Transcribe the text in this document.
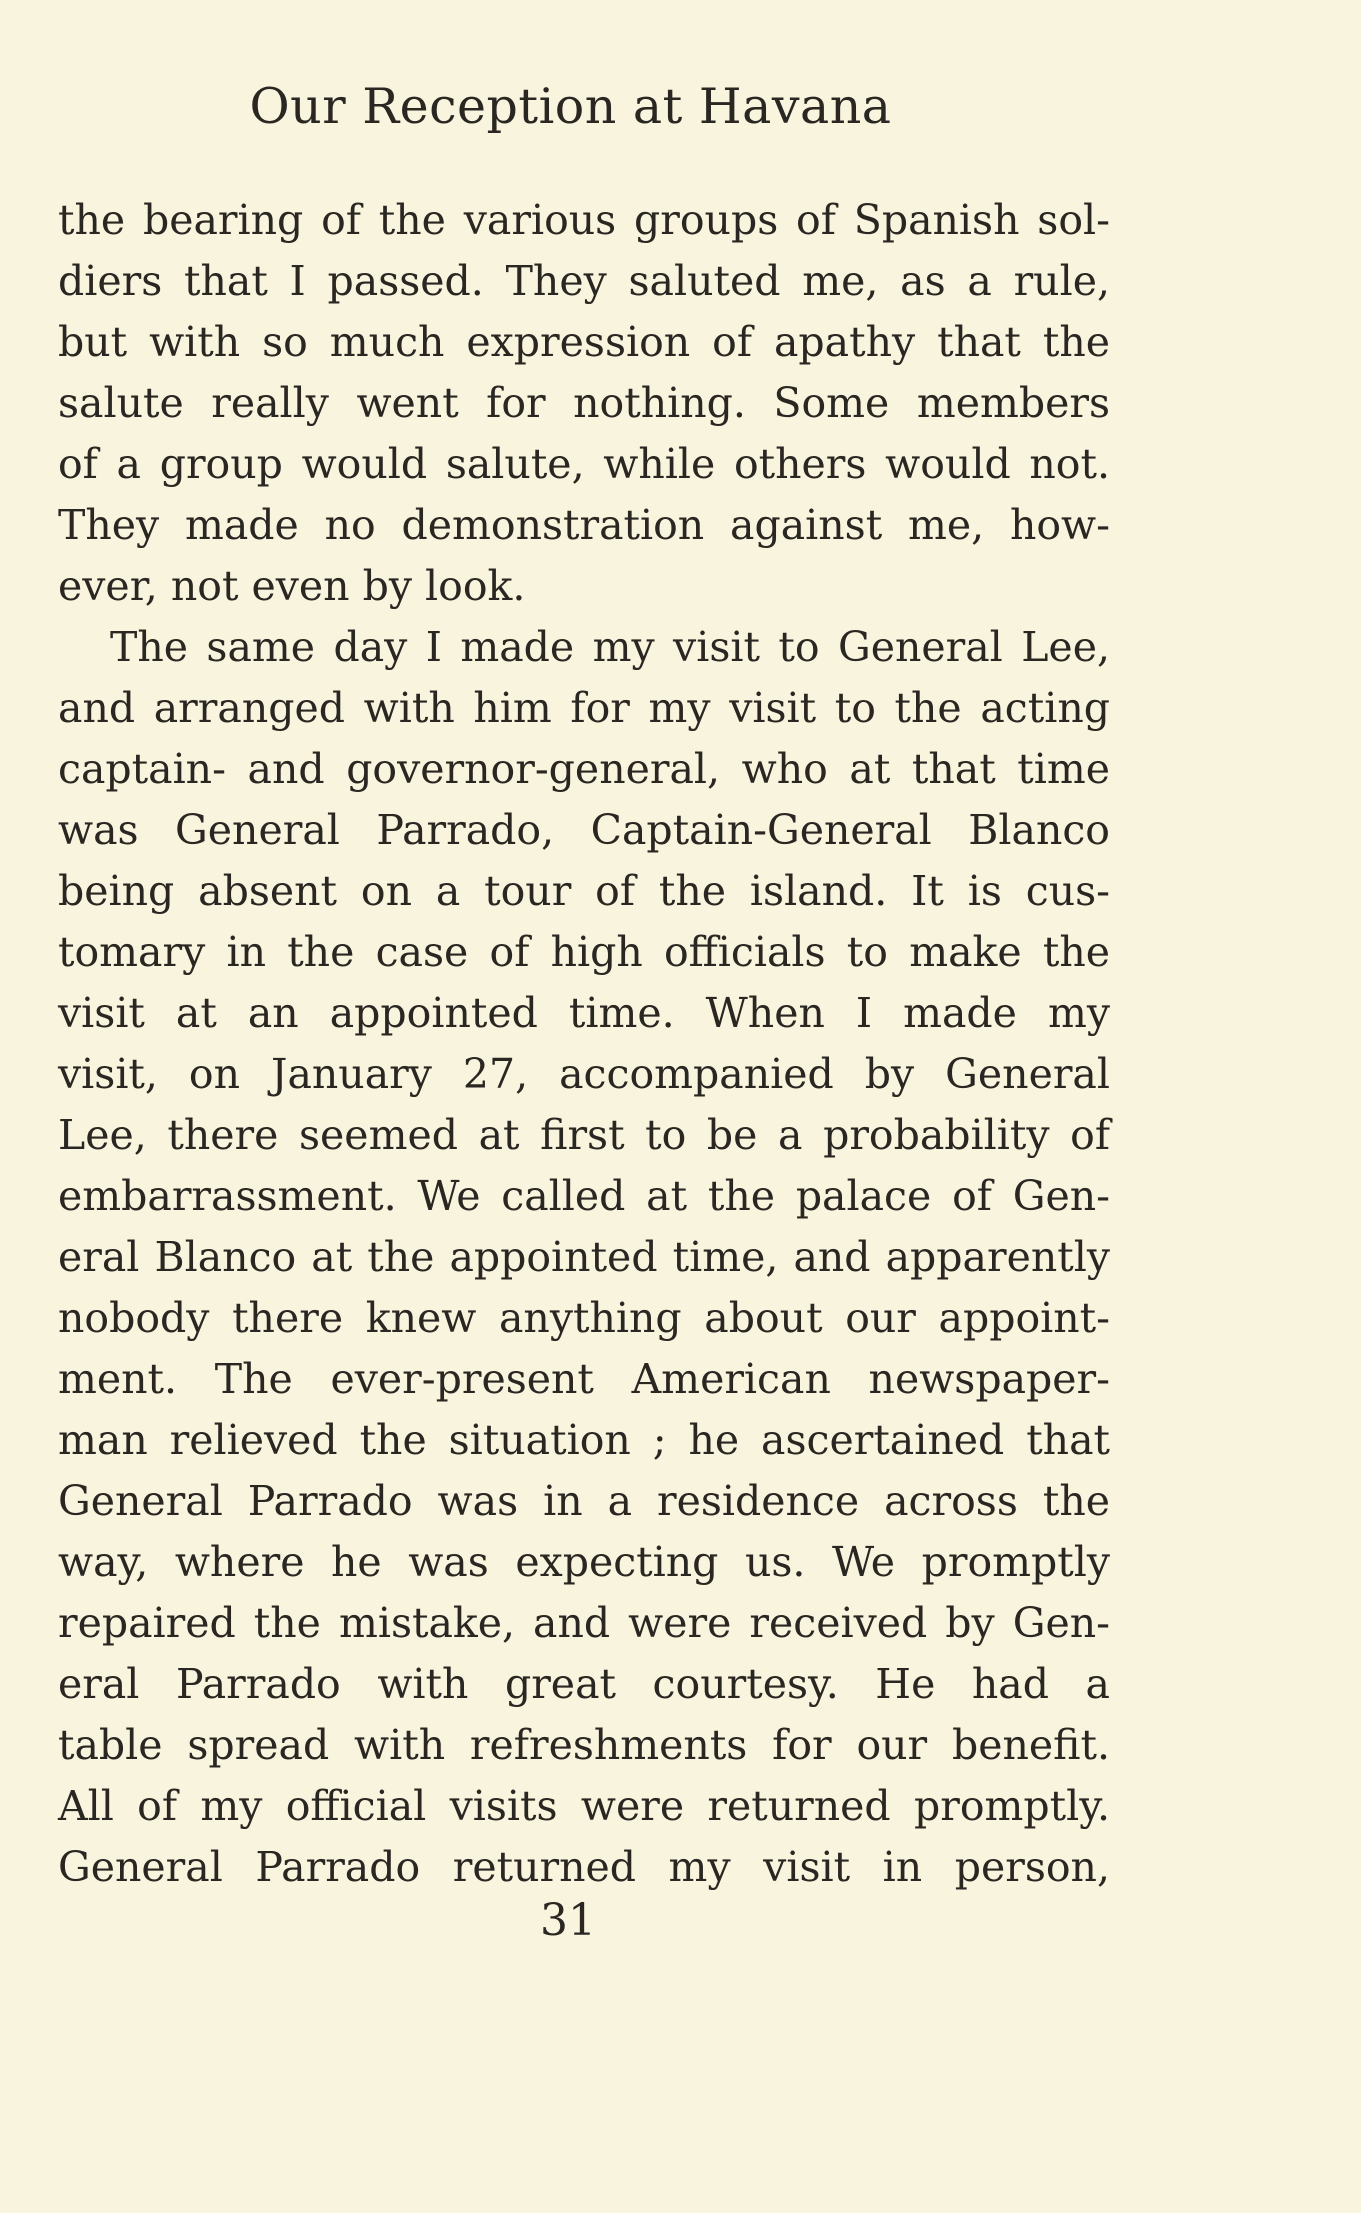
Our Reception at Havana
the bearing of the various groups of Spanish sol-
diers that I passed. They saluted me, as a rule,
but with so much expression of apathy that the
salute really went for nothing. Some members
of a group would salute, while others would not.
They made no demonstration against me, how-
ever, not even by look.
The same day I made my visit to General Lee,
and arranged with him for my visit to the acting
captain- and governor-general, who at that time
was General Parrado, Captain-General Blanco
being absent on a tour of the island. It is cus-
tomary in the case of high officials to make the
visit at an appointed time. When I made my
visit, on January 27, accompanied by General
Lee, there seemed at first to be a probability of
embarrassment. We called at the palace of Gen-
eral Blanco at the appointed time, and apparently
nobody there knew anything about our appoint-
ment. The ever-present American newspaper-
man relieved the situation ; he ascertained that
General Parrado was in a residence across the
way, where he was expecting us. We promptly
repaired the mistake, and were received by Gen-
eral Parrado with great courtesy. He had a
table spread with refreshments for our benefit.
All of my official visits were returned promptly.
General Parrado returned my visit in person,
31
